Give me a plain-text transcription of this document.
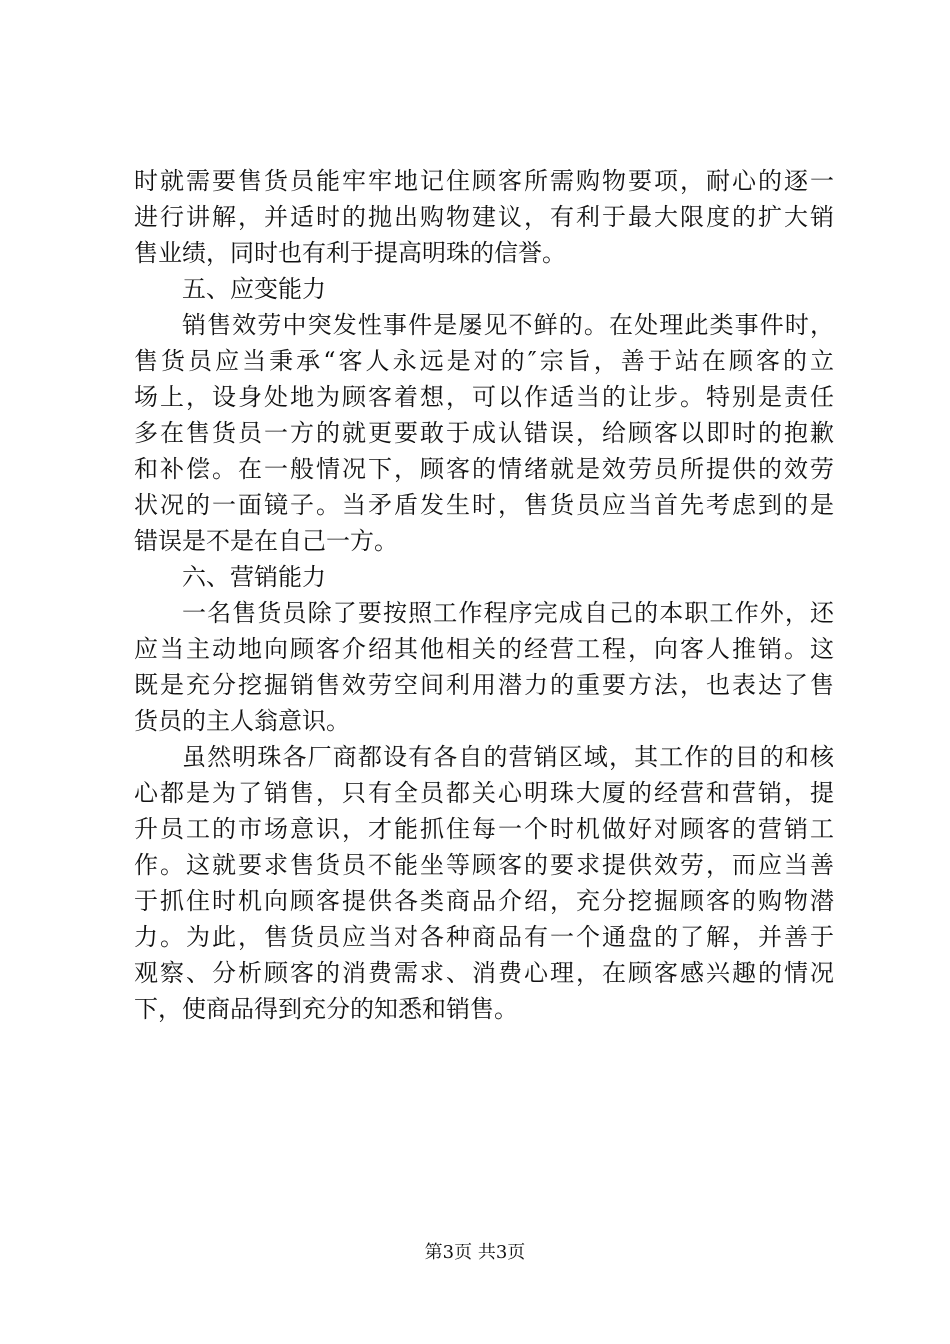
时就需要售货员能牢牢地记住顾客所需购物要项，耐心的逐一
进行讲解，并适时的抛出购物建议，有利于最大限度的扩大销
售业绩，同时也有利于提高明珠的信誉。
五、应变能力
销售效劳中突发性事件是屡见不鲜的。在处理此类事件时，
售货员应当秉承“客人永远是对的″宗旨，善于站在顾客的立
场上，设身处地为顾客着想，可以作适当的让步。特别是责任
多在售货员一方的就更要敢于成认错误，给顾客以即时的抱歉
和补偿。在一般情况下，顾客的情绪就是效劳员所提供的效劳
状况的一面镜子。当矛盾发生时，售货员应当首先考虑到的是
错误是不是在自己一方。
六、营销能力
一名售货员除了要按照工作程序完成自己的本职工作外，还
应当主动地向顾客介绍其他相关的经营工程，向客人推销。这
既是充分挖掘销售效劳空间利用潜力的重要方法，也表达了售
货员的主人翁意识。
虽然明珠各厂商都设有各自的营销区域，其工作的目的和核
心都是为了销售，只有全员都关心明珠大厦的经营和营销，提
升员工的市场意识，才能抓住每一个时机做好对顾客的营销工
作。这就要求售货员不能坐等顾客的要求提供效劳，而应当善
于抓住时机向顾客提供各类商品介绍，充分挖掘顾客的购物潜
力。为此，售货员应当对各种商品有一个通盘的了解，并善于
观察、分析顾客的消费需求、消费心理，在顾客感兴趣的情况
下，使商品得到充分的知悉和销售。
第3页 共3页
